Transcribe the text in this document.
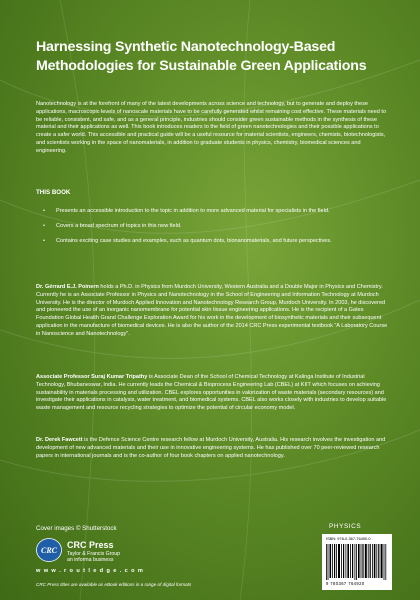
Harnessing Synthetic Nanotechnology-Based Methodologies for Sustainable Green Applications

Nanotechnology is at the forefront of many of the latest developments across science and technology, but to generate and deploy these applications, macroscopic levels of nanoscale materials have to be carefully generated whilst remaining cost effective. These materials need to be reliable, consistent, and safe, and as a general principle, industries should consider green sustainable methods in the synthesis of these material and their applications as well. This book introduces readers to the field of green nanotechnologies and their possible applications to create a safer world. This accessible and practical guide will be a useful resource for material scientists, engineers, chemists, biotechnologists, and scientists working in the space of nanomaterials, in addition to graduate students in physics, chemistry, biomedical sciences and engineering.

THIS BOOK
• Presents an accessible introduction to the topic in addition to more advanced material for specialists in the field.
• Covers a broad spectrum of topics in this new field.
• Contains exciting case studies and examples, such as quantum dots, bionanomaterials, and future perspectives.

Dr. Gérrard E.J. Poinern holds a Ph.D. in Physics from Murdoch University, Western Australia and a Double Major in Physics and Chemistry. Currently he is an Associate Professor in Physics and Nanotechnology in the School of Engineering and Information Technology at Murdoch University. He is the director of Murdoch Applied Innovation and Nanotechnology Research Group, Murdoch University. In 2003, he discovered and pioneered the use of an inorganic nanomembrane for potential skin tissue engineering applications. He is the recipient of a Gates Foundation Global Health Grand Challenge Exploration Award for his work in the development of biosynthetic materials and their subsequent application in the manufacture of biomedical devices. He is also the author of the 2014 CRC Press experimental textbook “A Laboratory Course in Nanoscience and Nanotechnology”.

Associate Professor Suraj Kumar Tripathy is Associate Dean of the School of Chemical Technology at Kalinga Institute of Industrial Technology, Bhubaneswar, India. He currently leads the Chemical & Bioprocess Engineering Lab (CBEL) at KIIT which focuses on achieving sustainability in materials processing and utilization. CBEL explores opportunities in valorization of waste materials (secondary resources) and investigate their applications in catalysis, water treatment, and biomedical systems. CBEL also works closely with industries to develop suitable waste management and resource recycling strategies to optimize the potential of circular economy model.

Dr. Derek Fawcett is the Defence Science Centre research fellow at Murdoch University, Australia. His research involves the investigation and development of new advanced materials and their use in innovative engineering systems. He has published over 70 peer-reviewed research papers in international journals and is the co-author of four book chapters on applied nanotechnology.

Cover images © Shutterstock
CRC
CRC Press
Taylor & Francis Group
an informa business
w w w . r o u t l e d g e . c o m
CRC Press titles are available as eBook editions in a range of digital formats
PHYSICS
ISBN: 978-0-367-76490-0
9 780367 764920
